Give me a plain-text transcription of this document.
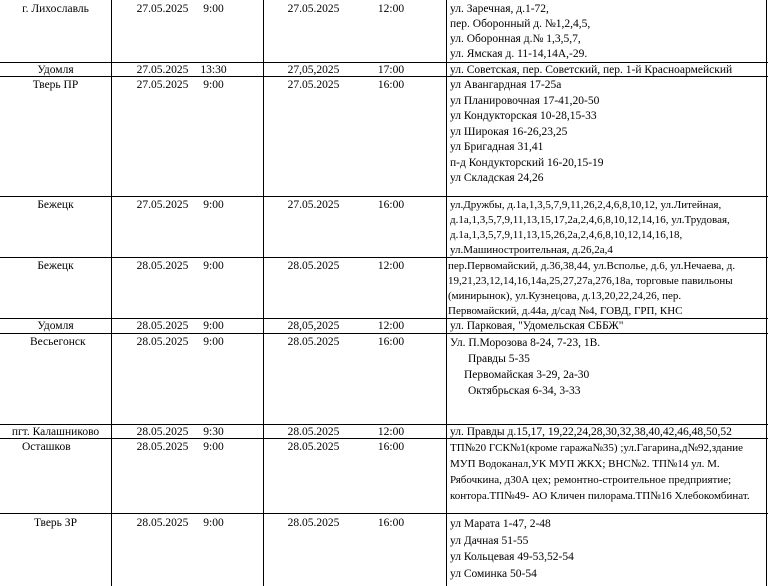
г. Лихославль	27.05.2025	9:00	27.05.2025	12:00	ул. Заречная, д.1-72,
пер. Оборонный д. №1,2,4,5,
ул. Оборонная д.№ 1,3,5,7,
ул. Ямская д. 11-14,14А,-29.
Удомля	27.05.2025	13:30	27,05,2025	17:00	ул. Советская, пер. Советский, пер. 1-й Красноармейский
Тверь ПР	27.05.2025	9:00	27.05.2025	16:00	ул Авангардная 17-25а
ул Планировочная 17-41,20-50
ул Кондукторская 10-28,15-33
ул Широкая 16-26,23,25
ул Бригадная 31,41
п-д Кондукторский 16-20,15-19
ул Складская 24,26
Бежецк	27.05.2025	9:00	27.05.2025	16:00	ул.Дружбы, д.1а,1,3,5,7,9,11,26,2,4,6,8,10,12, ул.Литейная,
д.1а,1,3,5,7,9,11,13,15,17,2а,2,4,6,8,10,12,14,16, ул.Трудовая,
д.1а,1,3,5,7,9,11,13,15,26,2а,2,4,6,8,10,12,14,16,18,
ул.Машиностроительная, д.26,2а,4
Бежецк	28.05.2025	9:00	28.05.2025	12:00	пер.Первомайский, д.36,38,44, ул.Всполье, д.6, ул.Нечаева, д.
19,21,23,12,14,16,14а,25,27,27а,276,18а, торговые павильоны
(минирынок), ул.Кузнецова, д.13,20,22,24,26, пер.
Первомайский, д.44а, д/сад №4, ГОВД, ГРП, КНС
Удомля	28.05.2025	9:00	28,05,2025	12:00	ул. Парковая, "Удомельская СББЖ"
Весьегонск	28.05.2025	9:00	28.05.2025	16:00	Ул. П.Морозова 8-24, 7-23, 1В.
Правды 5-35
Первомайская 3-29, 2а-30
Октябрьская 6-34, 3-33
пгт. Калашниково	28.05.2025	9:30	28.05.2025	12:00	ул. Правды д.15,17, 19,22,24,28,30,32,38,40,42,46,48,50,52
Осташков	28.05.2025	9:00	28.05.2025	16:00	ТП№20 ГСК№1(кроме гаража№35) ;ул.Гагарина,д№92,здание
МУП Водоканал,УК МУП ЖКХ; ВНС№2. ТП№14 ул. М.
Рябочкина, д30А цех; ремонтно-строительное предприятие;
контора.ТП№49- АО Кличен пилорама.ТП№16 Хлебокомбинат.
Тверь ЗР	28.05.2025	9:00	28.05.2025	16:00	ул Марата 1-47, 2-48
ул Дачная 51-55
ул Кольцевая 49-53,52-54
ул Соминка 50-54
